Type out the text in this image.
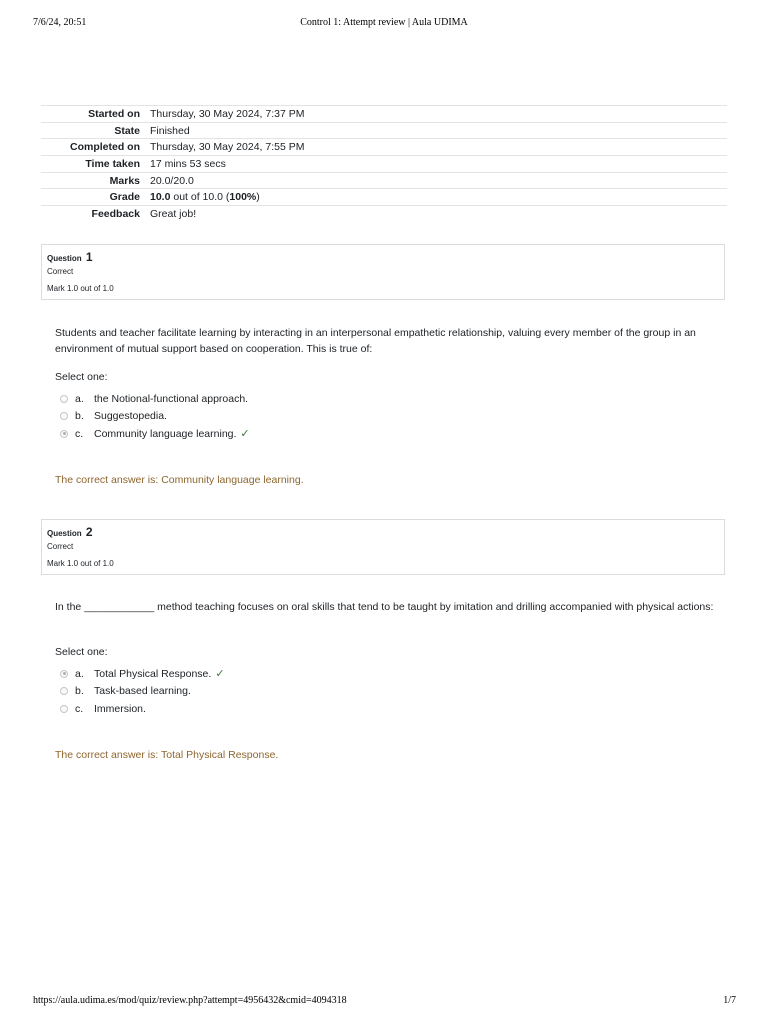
7/6/24, 20:51	Control 1: Attempt review | Aula UDIMA
Started on	Thursday, 30 May 2024, 7:37 PM
State	Finished
Completed on	Thursday, 30 May 2024, 7:55 PM
Time taken	17 mins 53 secs
Marks	20.0/20.0
Grade	10.0 out of 10.0 (100%)
Feedback	Great job!
Question 1
Correct
Mark 1.0 out of 1.0
Students and teacher facilitate learning by interacting in an interpersonal empathetic relationship, valuing every member of the group in an environment of mutual support based on cooperation. This is true of:
Select one:
a. the Notional-functional approach.
b. Suggestopedia.
c.	Community language learning. ✓
The correct answer is: Community language learning.
Question 2
Correct
Mark 1.0 out of 1.0
In the ____________ method teaching focuses on oral skills that tend to be taught by imitation and drilling accompanied with physical actions:
Select one:
a. Total Physical Response. ✓
b. Task-based learning.
c.	Immersion.
The correct answer is: Total Physical Response.
https://aula.udima.es/mod/quiz/review.php?attempt=4956432&cmid=4094318	1/7
